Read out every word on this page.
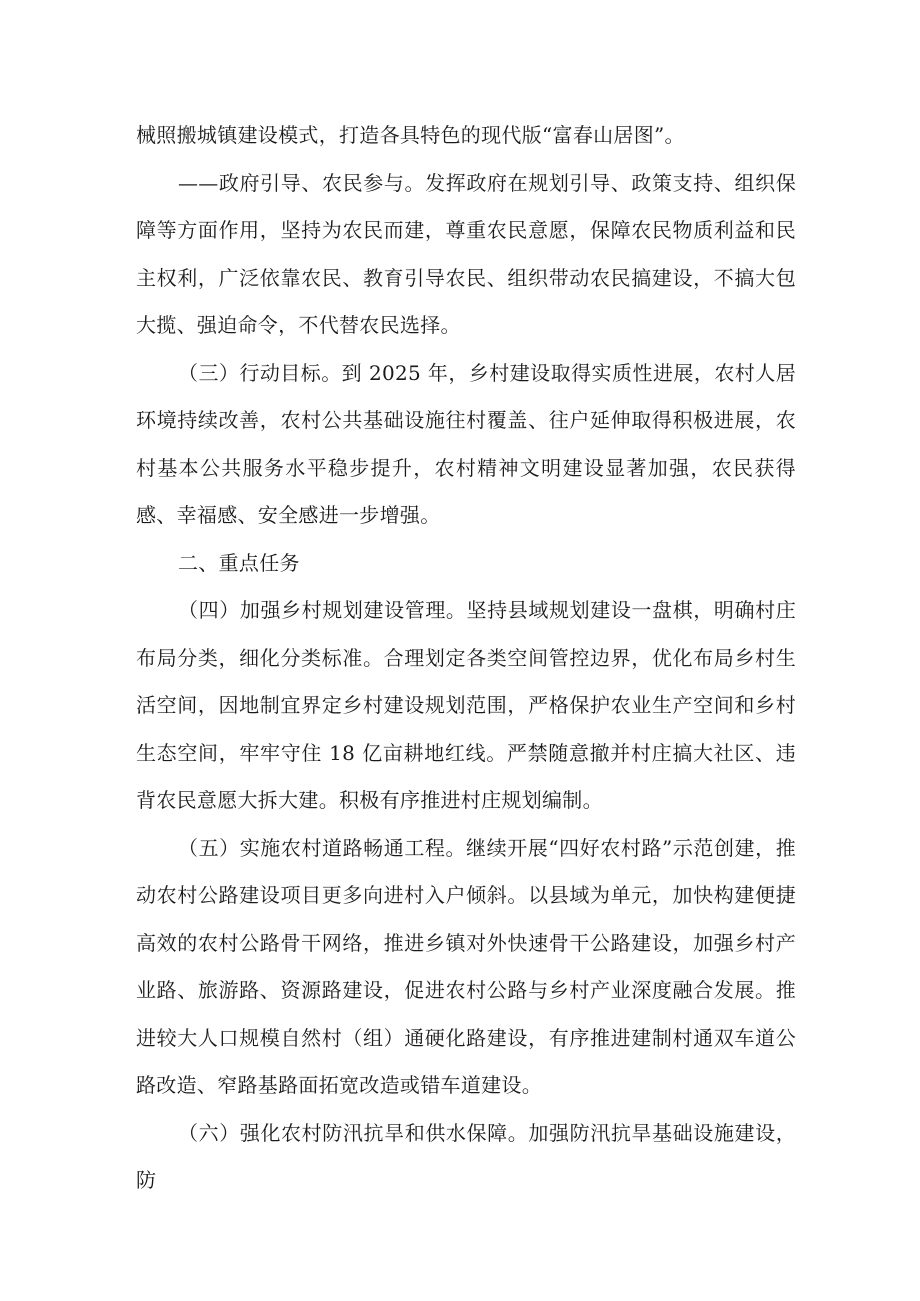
械照搬城镇建设模式，打造各具特色的现代版“富春山居图”。

——政府引导、农民参与。发挥政府在规划引导、政策支持、组织保障等方面作用，坚持为农民而建，尊重农民意愿，保障农民物质利益和民主权利，广泛依靠农民、教育引导农民、组织带动农民搞建设，不搞大包大揽、强迫命令，不代替农民选择。

（三）行动目标。到 2025 年，乡村建设取得实质性进展，农村人居环境持续改善，农村公共基础设施往村覆盖、往户延伸取得积极进展，农村基本公共服务水平稳步提升，农村精神文明建设显著加强，农民获得感、幸福感、安全感进一步增强。

二、重点任务

（四）加强乡村规划建设管理。坚持县域规划建设一盘棋，明确村庄布局分类，细化分类标准。合理划定各类空间管控边界，优化布局乡村生活空间，因地制宜界定乡村建设规划范围，严格保护农业生产空间和乡村生态空间，牢牢守住 18 亿亩耕地红线。严禁随意撤并村庄搞大社区、违背农民意愿大拆大建。积极有序推进村庄规划编制。

（五）实施农村道路畅通工程。继续开展“四好农村路”示范创建，推动农村公路建设项目更多向进村入户倾斜。以县域为单元，加快构建便捷高效的农村公路骨干网络，推进乡镇对外快速骨干公路建设，加强乡村产业路、旅游路、资源路建设，促进农村公路与乡村产业深度融合发展。推进较大人口规模自然村（组）通硬化路建设，有序推进建制村通双车道公路改造、窄路基路面拓宽改造或错车道建设。

（六）强化农村防汛抗旱和供水保障。加强防汛抗旱基础设施建设，防
